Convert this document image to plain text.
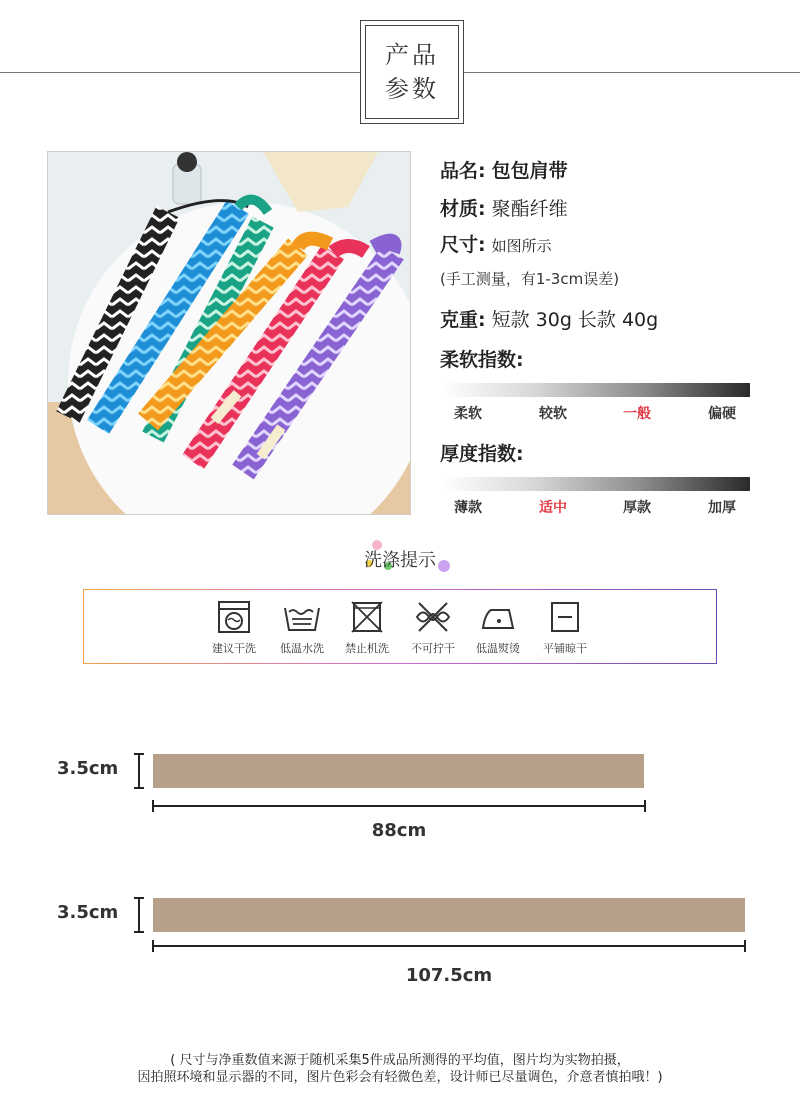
产品
参数
品名: 包包肩带
材质: 聚酯纤维
尺寸: 如图所示
(手工测量，有1-3cm误差)
克重: 短款 30g 长款 40g
柔软指数:
柔软	较软	一般	偏硬
厚度指数:
薄款	适中	厚款	加厚
洗涤提示
建议干洗	低温水洗	禁止机洗	不可拧干	低温熨烫	平铺晾干
3.5cm
88cm
3.5cm
107.5cm
( 尺寸与净重数值来源于随机采集5件成品所测得的平均值，图片均为实物拍摄，
因拍照环境和显示器的不同，图片色彩会有轻微色差，设计师已尽量调色，介意者慎拍哦！)
